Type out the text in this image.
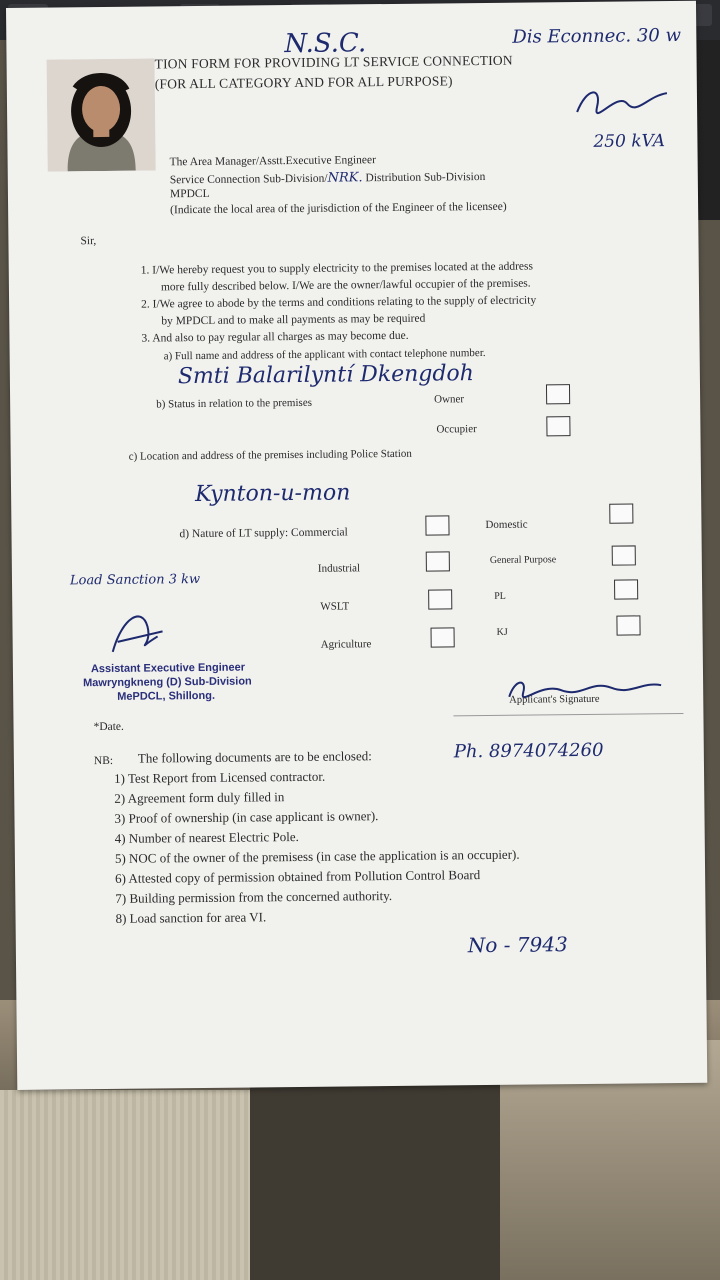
N.S.C.	Dis Econnec. 30 w
TION FORM FOR PROVIDING LT SERVICE CONNECTION
(FOR ALL CATEGORY AND FOR ALL PURPOSE)
250 kVA
The Area Manager/Asstt.Executive Engineer
Service Connection Sub-Division/NRK. Distribution Sub-Division
MPDCL
(Indicate the local area of the jurisdiction of the Engineer of the licensee)
Sir,
1. I/We hereby request you to supply electricity to the premises located at the address
more fully described below. I/We are the owner/lawful occupier of the premises.
2. I/We agree to abode by the terms and conditions relating to the supply of electricity
by MPDCL and to make all payments as may be required
3. And also to pay regular all charges as may become due.
a) Full name and address of the applicant with contact telephone number.
Smti Balarilyntí Dkengdoh
b) Status in relation to the premises	Owner
Occupier
c) Location and address of the premises including Police Station
Kynton-u-mon
d) Nature of LT supply: Commercial
Domestic
Industrial
General Purpose
WSLT
PL
Agriculture
KJ
Load Sanction 3 kw
Assistant Executive Engineer
Mawryngkneng (D) Sub-Division
MePDCL, Shillong.	Applicant's Signature
*Date.
NB: The following documents are to be enclosed:	Ph. 8974074260
1) Test Report from Licensed contractor.
2) Agreement form duly filled in
3) Proof of ownership (in case applicant is owner).
4) Number of nearest Electric Pole.
5) NOC of the owner of the premisess (in case the application is an occupier).
6) Attested copy of permission obtained from Pollution Control Board
7) Building permission from the concerned authority.
8) Load sanction for area VI.
No - 7943
